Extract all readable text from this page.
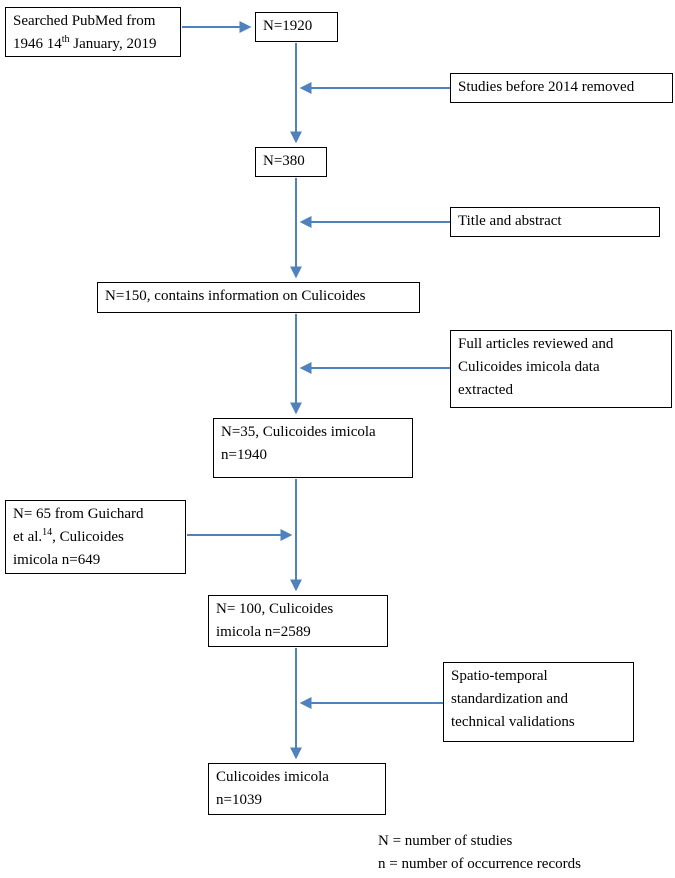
Searched PubMed from
1946 14th January, 2019
N=1920
Studies before 2014 removed
N=380
Title and abstract
N=150, contains information on Culicoides
Full articles reviewed and
Culicoides imicola data
extracted
N=35, Culicoides imicola
n=1940
N= 65 from Guichard
et al.$^{14}$, Culicoides
imicola n=649
N= 100, Culicoides
imicola n=2589
Spatio-temporal
standardization and
technical validations
Culicoides imicola
n=1039
N = number of studies
n = number of occurrence records
